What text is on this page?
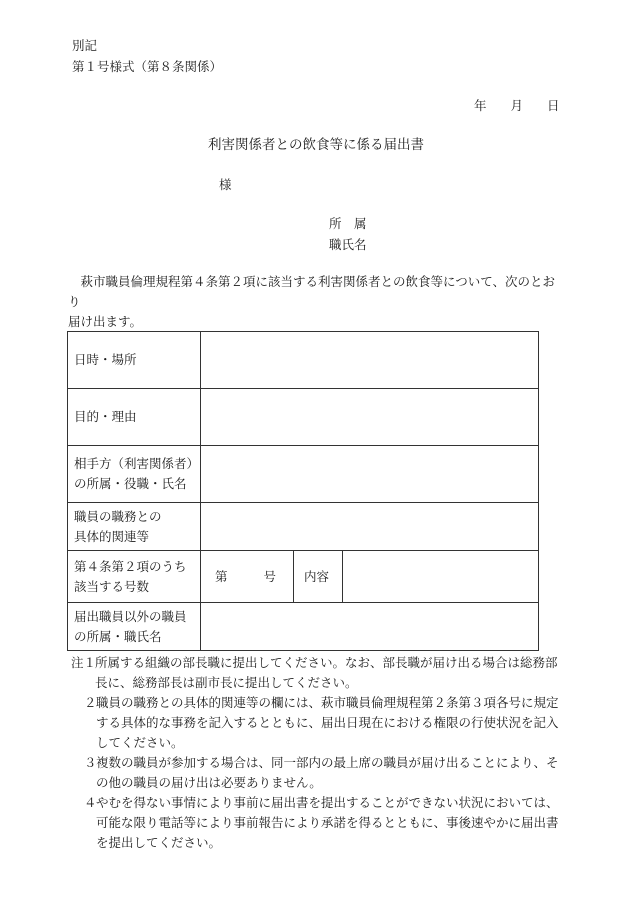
別記
第１号様式（第８条関係）
年 月 日
利害関係者との飲食等に係る届出書
様
所　属
職氏名
　萩市職員倫理規程第４条第２項に該当する利害関係者との飲食等について、次のとおり
届け出ます。
日時・場所			
目的・理由			

相手方（利害関係者）
の所属・役職・氏名			

職員の職務との
具体的関連等			

第４条第２項のうち
該当する号数	第 号	内容	

届出職員以外の職員
の所属・職氏名			

注１
所属する組織の部長職に提出してください。なお、部長職が届け出る場合は総務部長に、総務部長は副市長に提出してください。
２ 職員の職務との具体的関連等の欄には、萩市職員倫理規程第２条第３項各号に規定する具体的な事務を記入するとともに、届出日現在における権限の行使状況を記入してください。
３ 複数の職員が参加する場合は、同一部内の最上席の職員が届け出ることにより、その他の職員の届け出は必要ありません。
４ やむを得ない事情により事前に届出書を提出することができない状況においては、可能な限り電話等により事前報告により承諾を得るとともに、事後速やかに届出書を提出してください。
